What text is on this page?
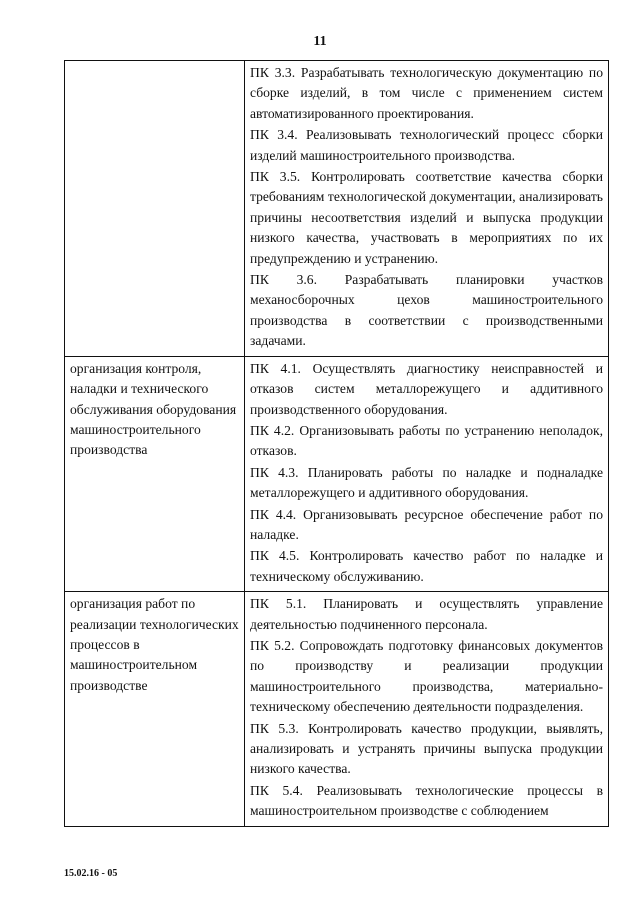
11

	ПК 3.3. Разрабатывать технологическую документацию по сборке изделий, в том числе с применением систем автоматизированного проектирования.
ПК 3.4. Реализовывать технологический процесс сборки изделий машиностроительного производства.
ПК 3.5. Контролировать соответствие качества сборки требованиям технологической документации, анализировать причины несоответствия изделий и выпуска продукции низкого качества, участвовать в мероприятиях по их предупреждению и устранению.
ПК 3.6. Разрабатывать планировки участков механосборочных цехов машиностроительного производства в соответствии с производственными задачами.

организация контроля, наладки и технического обслуживания оборудования машиностроительного производства	ПК 4.1. Осуществлять диагностику неисправностей и отказов систем металлорежущего и аддитивного производственного оборудования.
ПК 4.2. Организовывать работы по устранению неполадок, отказов.
ПК 4.3. Планировать работы по наладке и подналадке металлорежущего и аддитивного оборудования.
ПК 4.4. Организовывать ресурсное обеспечение работ по наладке.
ПК 4.5. Контролировать качество работ по наладке и техническому обслуживанию.

организация работ по реализации технологических процессов в машиностроительном производстве	ПК 5.1. Планировать и осуществлять управление деятельностью подчиненного персонала.
ПК 5.2. Сопровождать подготовку финансовых документов по производству и реализации продукции машиностроительного производства, материально-техническому обеспечению деятельности подразделения.
ПК 5.3. Контролировать качество продукции, выявлять, анализировать и устранять причины выпуска продукции низкого качества.
ПК 5.4. Реализовывать технологические процессы в машиностроительном производстве с соблюдением
15.02.16 - 05
